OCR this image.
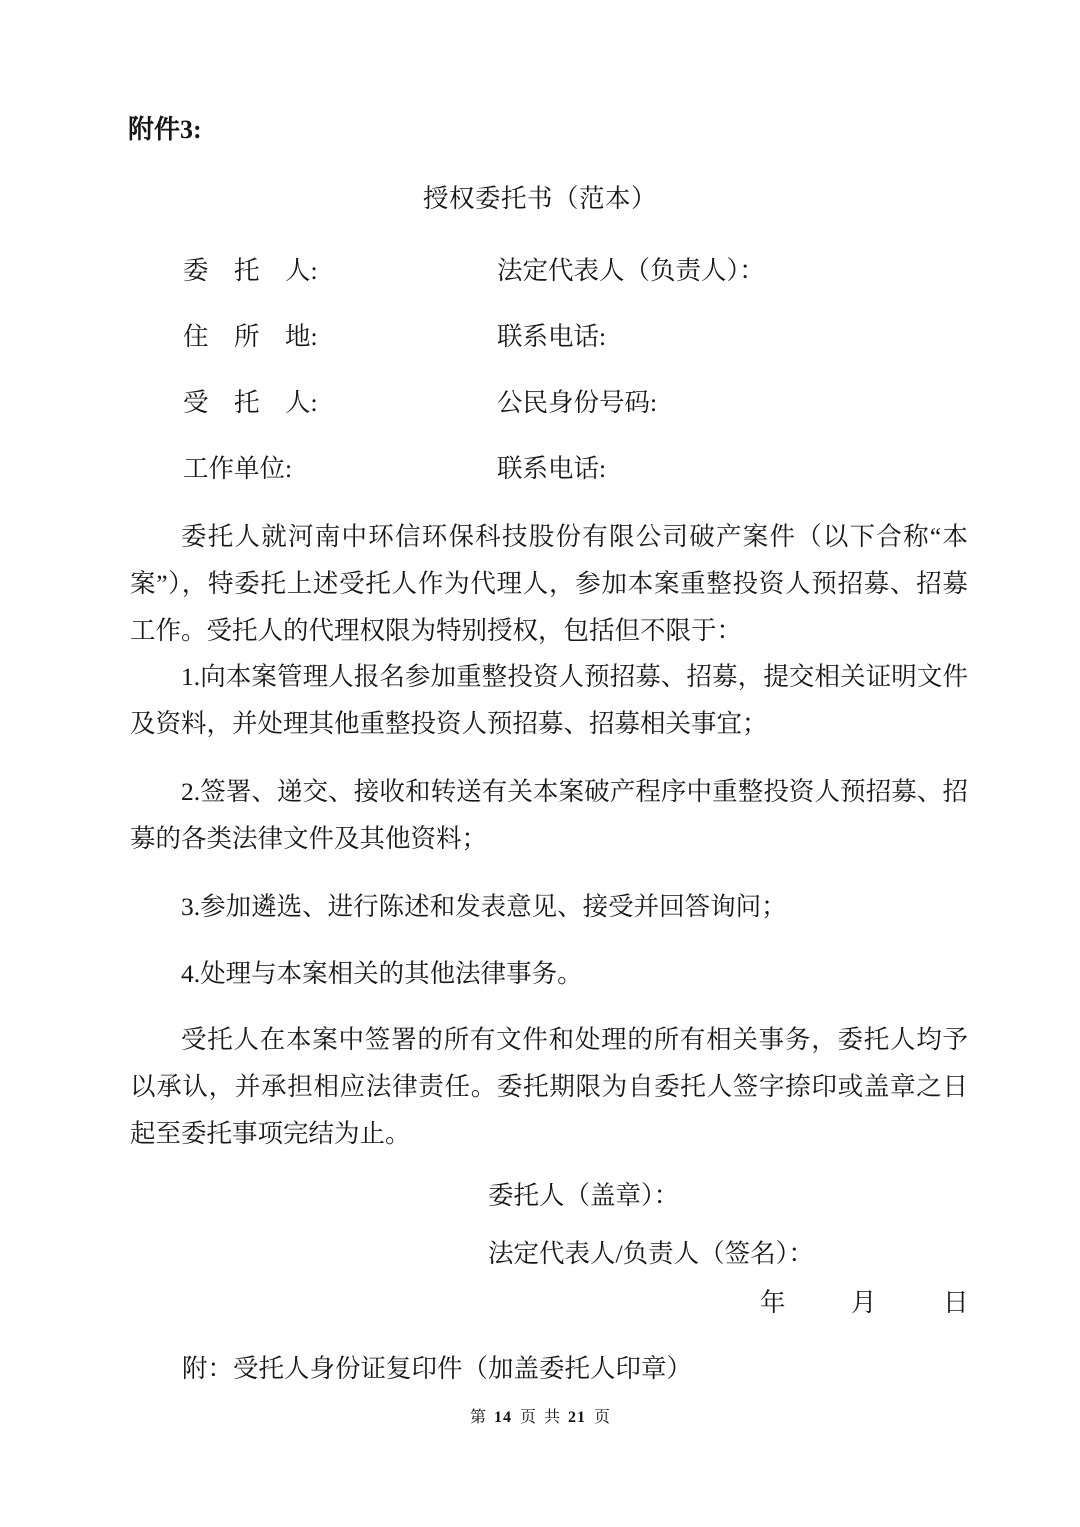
附件3:
授权委托书（范本）
委　托　人:	法定代表人（负责人）：
住　所　地:	联系电话:
受　托　人:	公民身份号码:
工作单位:	联系电话:
委托人就河南中环信环保科技股份有限公司破产案件（以下合称“本案”），特委托上述受托人作为代理人，参加本案重整投资人预招募、招募工作。受托人的代理权限为特别授权，包括但不限于：
1.向本案管理人报名参加重整投资人预招募、招募，提交相关证明文件及资料，并处理其他重整投资人预招募、招募相关事宜；
2.签署、递交、接收和转送有关本案破产程序中重整投资人预招募、招募的各类法律文件及其他资料；
3.参加遴选、进行陈述和发表意见、接受并回答询问；
4.处理与本案相关的其他法律事务。
受托人在本案中签署的所有文件和处理的所有相关事务，委托人均予以承认，并承担相应法律责任。委托期限为自委托人签字捺印或盖章之日起至委托事项完结为止。
委托人（盖章）：
法定代表人/负责人（签名）：
年	月	日
附：受托人身份证复印件（加盖委托人印章）
第 14 页 共 21 页
